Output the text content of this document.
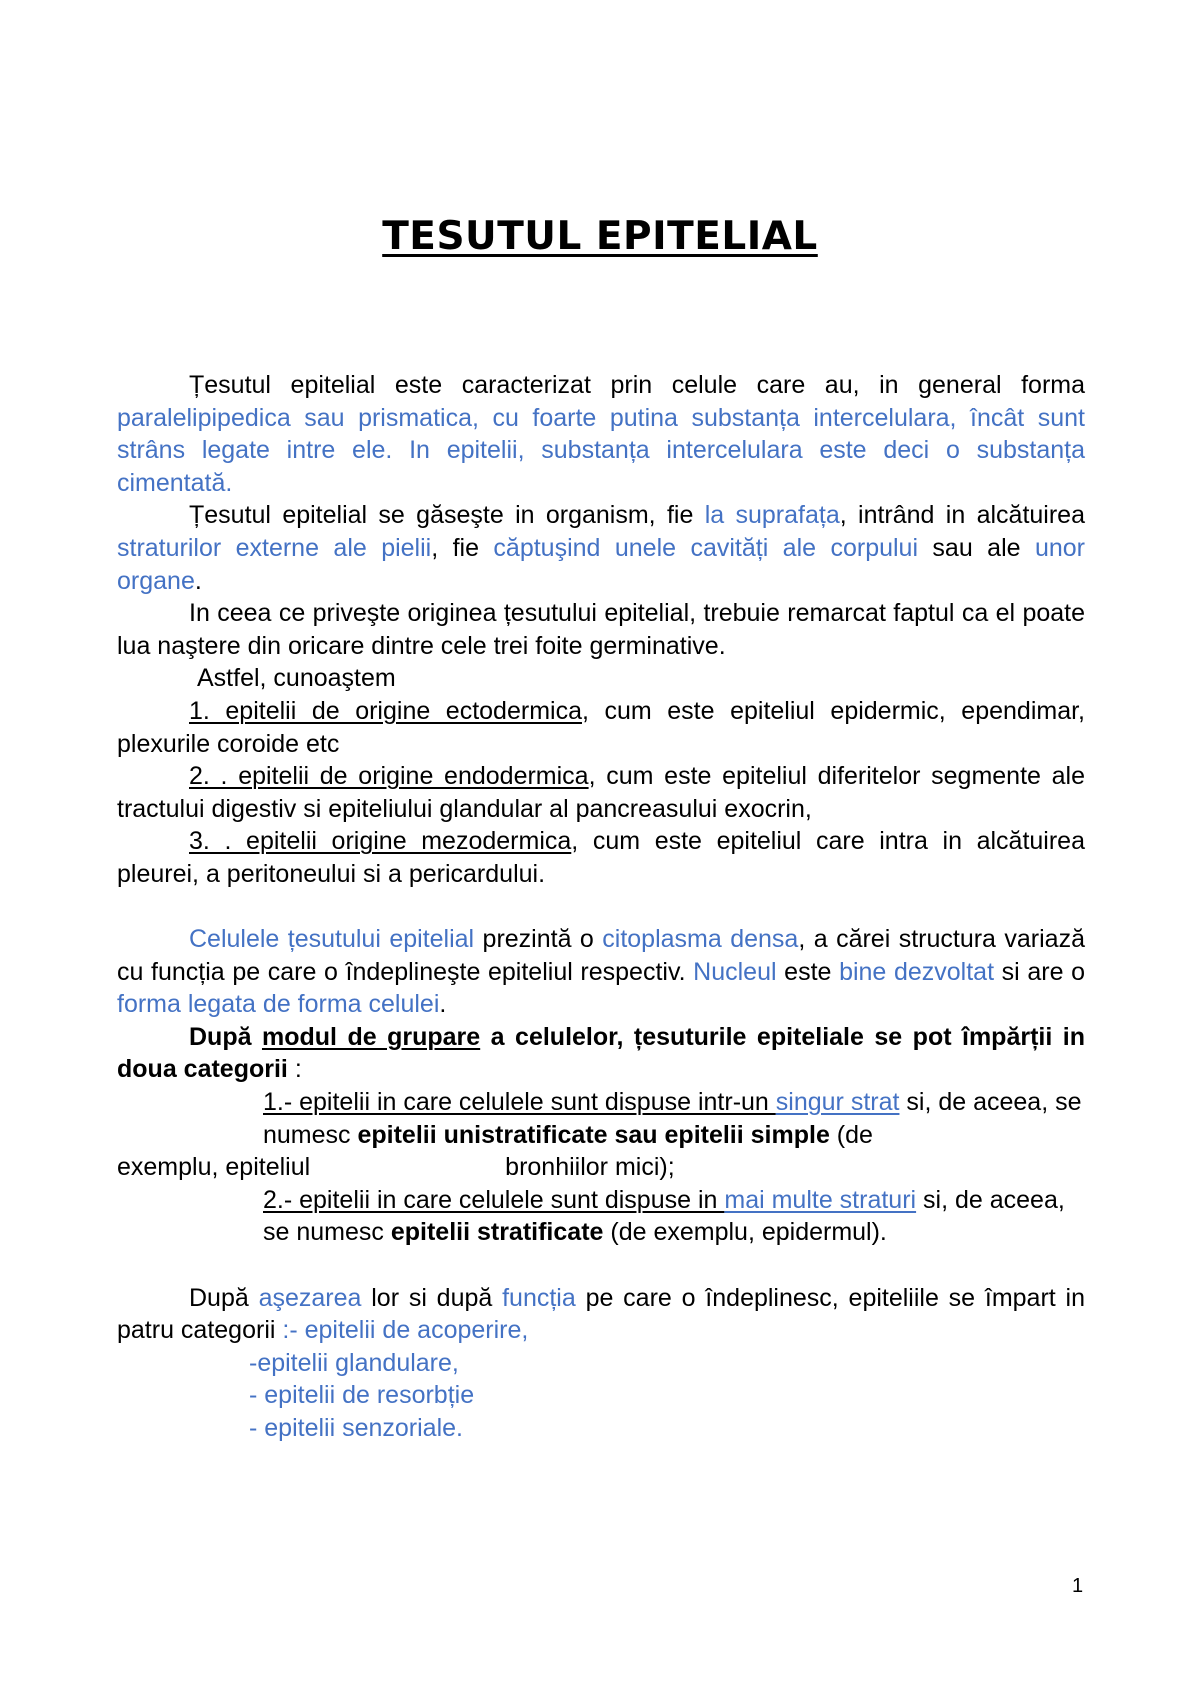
TESUTUL EPITELIAL

Țesutul epitelial este caracterizat prin celule care au, in general forma paralelipipedica sau prismatica, cu foarte putina substanța intercelulara, încât sunt strâns legate intre ele. In epitelii, substanța intercelulara este deci o substanța cimentată.

Țesutul epitelial se găseşte in organism, fie la suprafața, intrând in alcătuirea straturilor externe ale pielii, fie căptuşind unele cavități ale corpului sau ale unor organe.

In ceea ce priveşte originea țesutului epitelial, trebuie remarcat faptul ca el poate lua naştere din oricare dintre cele trei foite germinative.

Astfel, cunoaştem

1. epitelii de origine ectodermica, cum este epiteliul epidermic, ependimar, plexurile coroide etc

2. . epitelii de origine endodermica, cum este epiteliul diferitelor segmente ale tractului digestiv si epiteliului glandular al pancreasului exocrin,

3. . epitelii origine mezodermica, cum este epiteliul care intra in alcătuirea pleurei, a peritoneului si a pericardului.

Celulele țesutului epitelial prezintă o citoplasma densa, a cărei structura variază cu funcția pe care o îndeplineşte epiteliul respectiv. Nucleul este bine dezvoltat si are o forma legata de forma celulei.

După modul de grupare a celulelor, țesuturile epiteliale se pot împărții in doua categorii :

1.- epitelii in care celulele sunt dispuse intr-un singur strat si, de aceea, se numesc epitelii unistratificate sau epitelii simple (de

exemplu, epiteliul	bronhiilor mici);

2.- epitelii in care celulele sunt dispuse in mai multe straturi si, de aceea, se numesc epitelii stratificate (de exemplu, epidermul).

După aşezarea lor si după funcția pe care o îndeplinesc, epiteliile se împart in patru categorii :- epitelii de acoperire,

-epitelii glandulare,

- epitelii de resorbție

- epitelii senzoriale.

1
